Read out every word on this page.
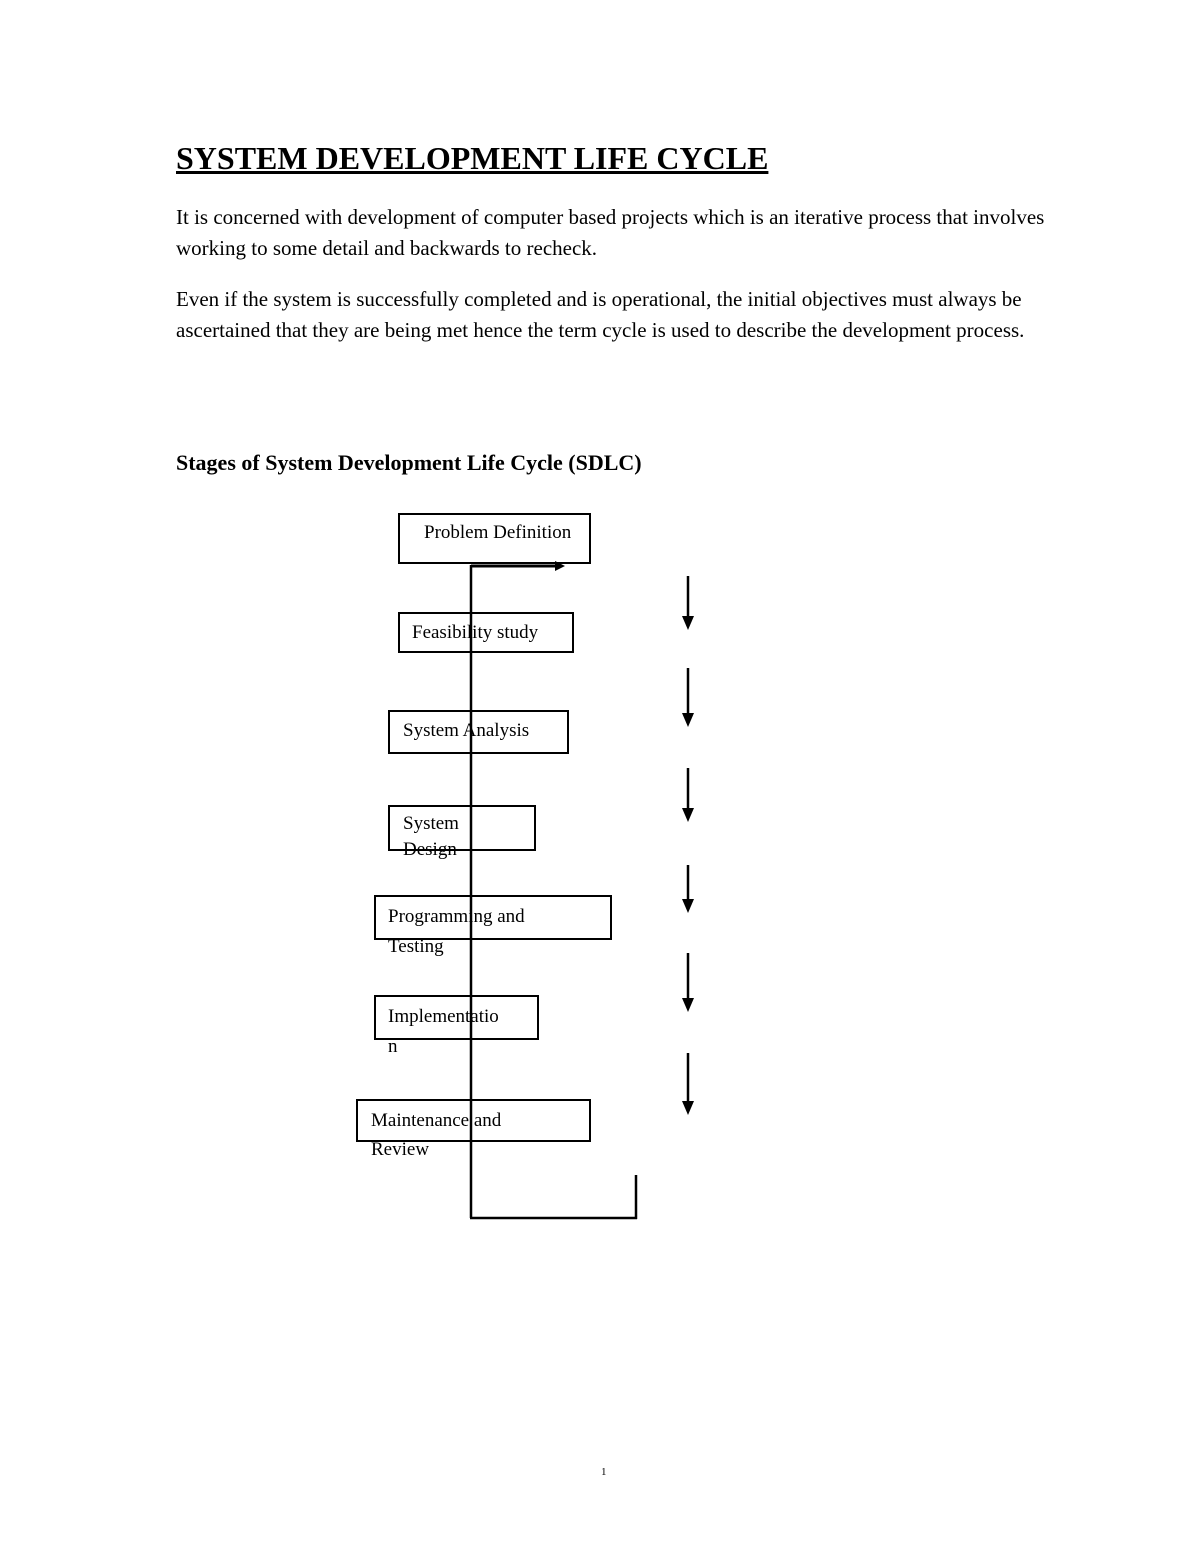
SYSTEM DEVELOPMENT LIFE CYCLE

It is concerned with development of computer based projects which is an iterative process that involves working to some detail and backwards to recheck.

Even if the system is successfully completed and is operational, the initial objectives must always be ascertained that they are being met hence the term cycle is used to describe the development process.

Stages of System Development Life Cycle (SDLC)
Problem Definition
Feasibility study
System Analysis
System
Design
Programming and
Testing
Implementatio
n
Maintenance and
Review
1
